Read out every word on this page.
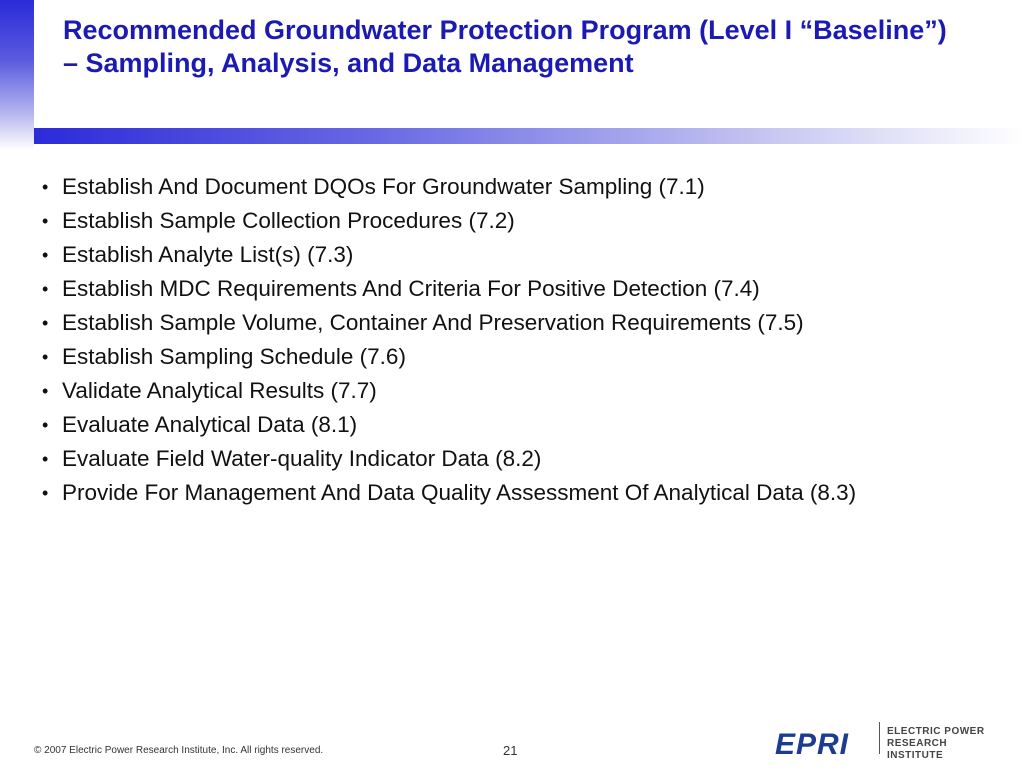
Recommended Groundwater Protection Program (Level I “Baseline”) – Sampling, Analysis, and Data Management
• Establish And Document DQOs For Groundwater Sampling (7.1)
• Establish Sample Collection Procedures (7.2)
• Establish Analyte List(s) (7.3)
• Establish MDC Requirements And Criteria For Positive Detection (7.4)
• Establish Sample Volume, Container And Preservation Requirements (7.5)
• Establish Sampling Schedule (7.6)
• Validate Analytical Results (7.7)
• Evaluate Analytical Data (8.1)
• Evaluate Field Water-quality Indicator Data (8.2)
• Provide For Management And Data Quality Assessment Of Analytical Data (8.3)
© 2007 Electric Power Research Institute, Inc. All rights reserved.	21	EPRI	ELECTRIC POWER
RESEARCH INSTITUTE
